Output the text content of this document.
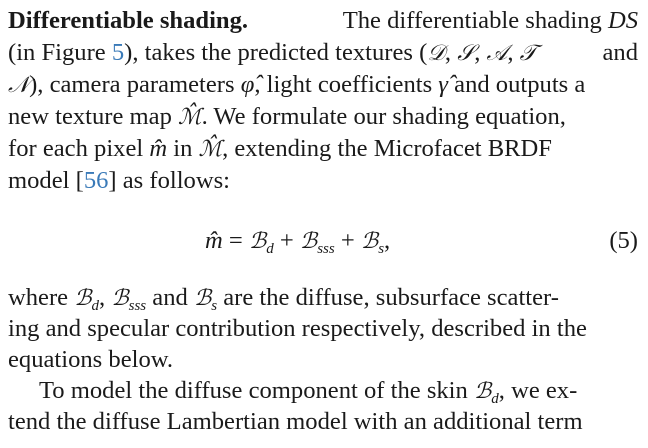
Differentiable shading.	The differentiable shading DS
(in Figure 5), takes the predicted textures (𝒟, 𝒮, 𝒜, 𝒯	and
𝒩), camera parameters φ̂, light coefficients γ̂ and outputs a
new texture map ℳ̂. We formulate our shading equation,
for each pixel m̂ in ℳ̂, extending the Microfacet BRDF
model [56] as follows:
m̂ = ℬ$_d$ + ℬ$_{sss}$ + ℬ$_s$,	(5)
where ℬ$_d$, ℬ$_{sss}$ and ℬ$_s$ are the diffuse, subsurface scatter-
ing and specular contribution respectively, described in the
equations below.
To model the diffuse component of the skin ℬ$_d$, we ex-
tend the diffuse Lambertian model with an additional term
